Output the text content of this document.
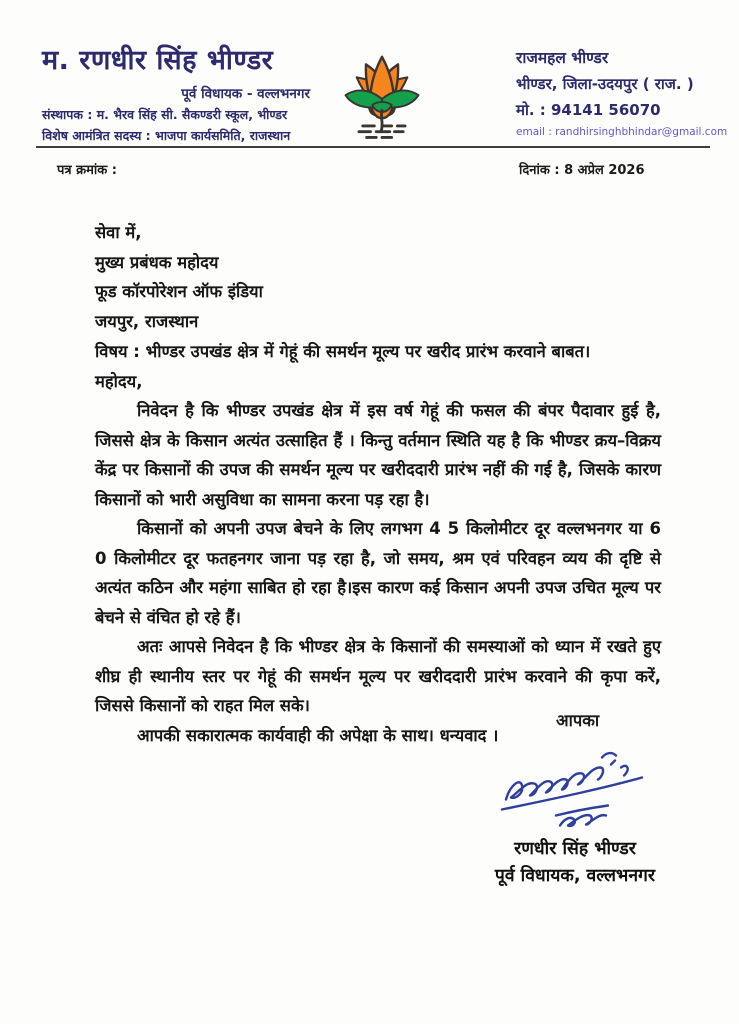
म. रणधीर सिंह भीण्डर
पूर्व विधायक - वल्लभनगर
संस्थापक : म. भैरव सिंह सी. सैकण्डरी स्कूल, भीण्डर
विशेष आमंत्रित सदस्य : भाजपा कार्यसमिति, राजस्थान
राजमहल भीण्डर
भीण्डर, जिला-उदयपुर ( राज. )
मो. : 94141 56070
email : randhirsinghbhindar@gmail.com
पत्र क्रमांक :	दिनांक : 8 अप्रेल 2026
सेवा में,
मुख्य प्रबंधक महोदय
फूड कॉरपोरेशन ऑफ इंडिया
जयपुर, राजस्थान
विषय : भीण्डर उपखंड क्षेत्र में गेहूं की समर्थन मूल्य पर खरीद प्रारंभ करवाने बाबत।
महोदय,

निवेदन है कि भीण्डर उपखंड क्षेत्र में इस वर्ष गेहूं की फसल की बंपर पैदावार हुई है, जिससे क्षेत्र के किसान अत्यंत उत्साहित हैं । किन्तु वर्तमान स्थिति यह है कि भीण्डर क्रय–विक्रय केंद्र पर किसानों की उपज की समर्थन मूल्य पर खरीददारी प्रारंभ नहीं की गई है, जिसके कारण किसानों को भारी असुविधा का सामना करना पड़ रहा है।

किसानों को अपनी उपज बेचने के लिए लगभग 4 5 किलोमीटर दूर वल्लभनगर या 6 0 किलोमीटर दूर फतहनगर जाना पड़ रहा है, जो समय, श्रम एवं परिवहन व्यय की दृष्टि से अत्यंत कठिन और महंगा साबित हो रहा है।इस कारण कई किसान अपनी उपज उचित मूल्य पर बेचने से वंचित हो रहे हैं।

अतः आपसे निवेदन है कि भीण्डर क्षेत्र के किसानों की समस्याओं को ध्यान में रखते हुए शीघ्र ही स्थानीय स्तर पर गेहूं की समर्थन मूल्य पर खरीददारी प्रारंभ करवाने की कृपा करें, जिससे किसानों को राहत मिल सके।

आपकी सकारात्मक कार्यवाही की अपेक्षा के साथ। धन्यवाद ।

आपका
रणधीर सिंह भीण्डर
पूर्व विधायक, वल्लभनगर
